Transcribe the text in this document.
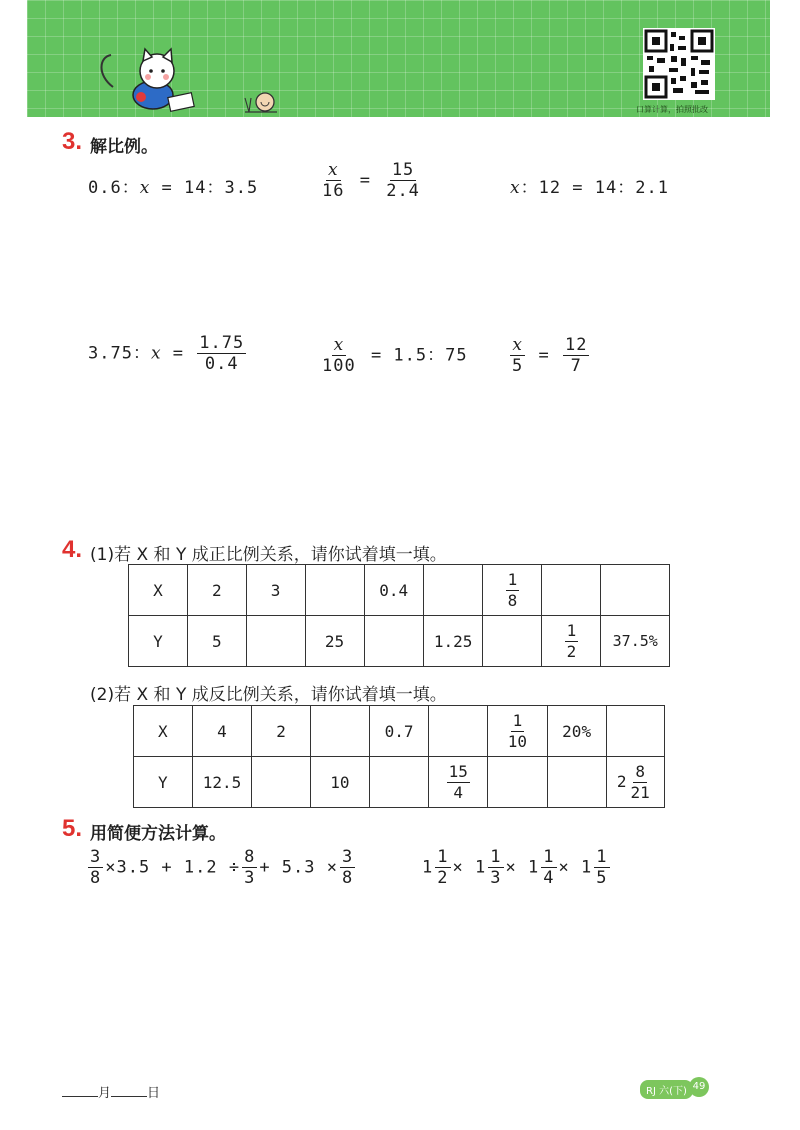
口算计算，拍照批改
3. 解比例。
0.6：x = 14：3.5	$\frac{x}{16} = \frac{15}{2.4}$	x：12 = 14：2.1
3.75：$x = \frac{1.75}{0.4}$	$\frac{x}{100} = 1.5$：$75 \frac{x}{5} = \frac{12}{7}$
4. (1)若 X 和 Y 成正比例关系，请你试着填一填。
X	2	3		0.4		$\frac{1}{8}$

Y	5		25		1.25		$\frac{1}{2}$	37.5%
(2)若 X 和 Y 成反比例关系，请你试着填一填。
X	4	2		0.7		$\frac{1}{10}$	20%	
Y	12.5		10		$\frac{15}{4}$			$2 \frac{8}{21}$
5. 用简便方法计算。
$\frac{3}{8} \times 3.5 + 1.2 \div \frac{8}{3} + 5.3 \times \frac{3}{8}$	$1 \frac{1}{2} \times 1 \frac{1}{3} \times 1 \frac{1}{4} \times 1 \frac{1}{5}$
月	日	RJ 六(下) 49
